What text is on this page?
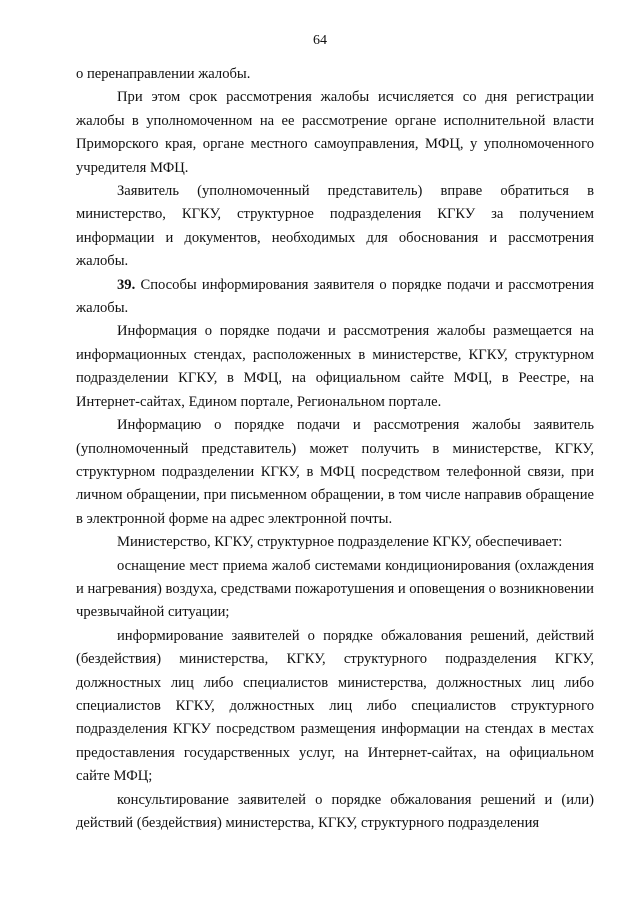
64

о перенаправлении жалобы.

При этом срок рассмотрения жалобы исчисляется со дня регистрации жалобы в уполномоченном на ее рассмотрение органе исполнительной власти Приморского края, органе местного самоуправления, МФЦ, у уполномоченного учредителя МФЦ.

Заявитель (уполномоченный представитель) вправе обратиться в министерство, КГКУ, структурное подразделения КГКУ за получением информации и документов, необходимых для обоснования и рассмотрения жалобы.

39. Способы информирования заявителя о порядке подачи и рассмотрения жалобы.

Информация о порядке подачи и рассмотрения жалобы размещается на информационных стендах, расположенных в министерстве, КГКУ, структурном подразделении КГКУ, в МФЦ, на официальном сайте МФЦ, в Реестре, на Интернет-сайтах, Едином портале, Региональном портале.

Информацию о порядке подачи и рассмотрения жалобы заявитель (уполномоченный представитель) может получить в министерстве, КГКУ, структурном подразделении КГКУ, в МФЦ посредством телефонной связи, при личном обращении, при письменном обращении, в том числе направив обращение в электронной форме на адрес электронной почты.

Министерство, КГКУ, структурное подразделение КГКУ, обеспечивает:

оснащение мест приема жалоб системами кондиционирования (охлаждения и нагревания) воздуха, средствами пожаротушения и оповещения о возникновении чрезвычайной ситуации;

информирование заявителей о порядке обжалования решений, действий (бездействия) министерства, КГКУ, структурного подразделения КГКУ, должностных лиц либо специалистов министерства, должностных лиц либо специалистов КГКУ, должностных лиц либо специалистов структурного подразделения КГКУ посредством размещения информации на стендах в местах предоставления государственных услуг, на Интернет-сайтах, на официальном сайте МФЦ;

консультирование заявителей о порядке обжалования решений и (или) действий (бездействия) министерства, КГКУ, структурного подразделения
